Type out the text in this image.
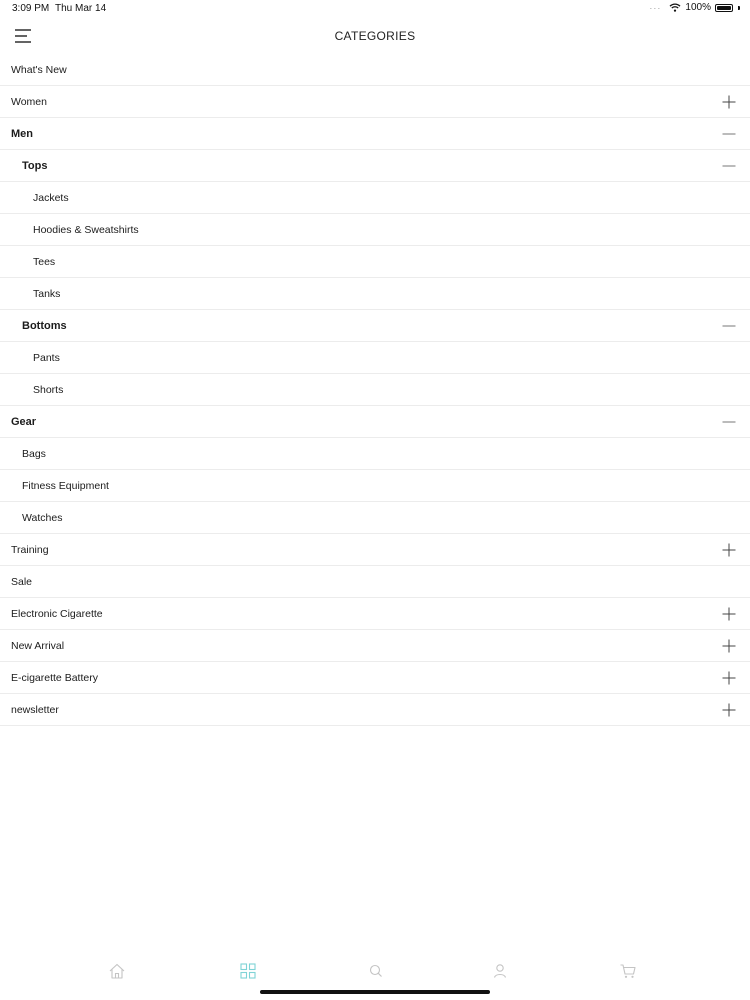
3:09 PM Thu Mar 14	··· 100%
CATEGORIES
What's New
Women
Men
Tops
Jackets
Hoodies & Sweatshirts
Tees
Tanks
Bottoms
Pants
Shorts
Gear
Bags
Fitness Equipment
Watches
Training
Sale
Electronic Cigarette
New Arrival
E-cigarette Battery
newsletter
